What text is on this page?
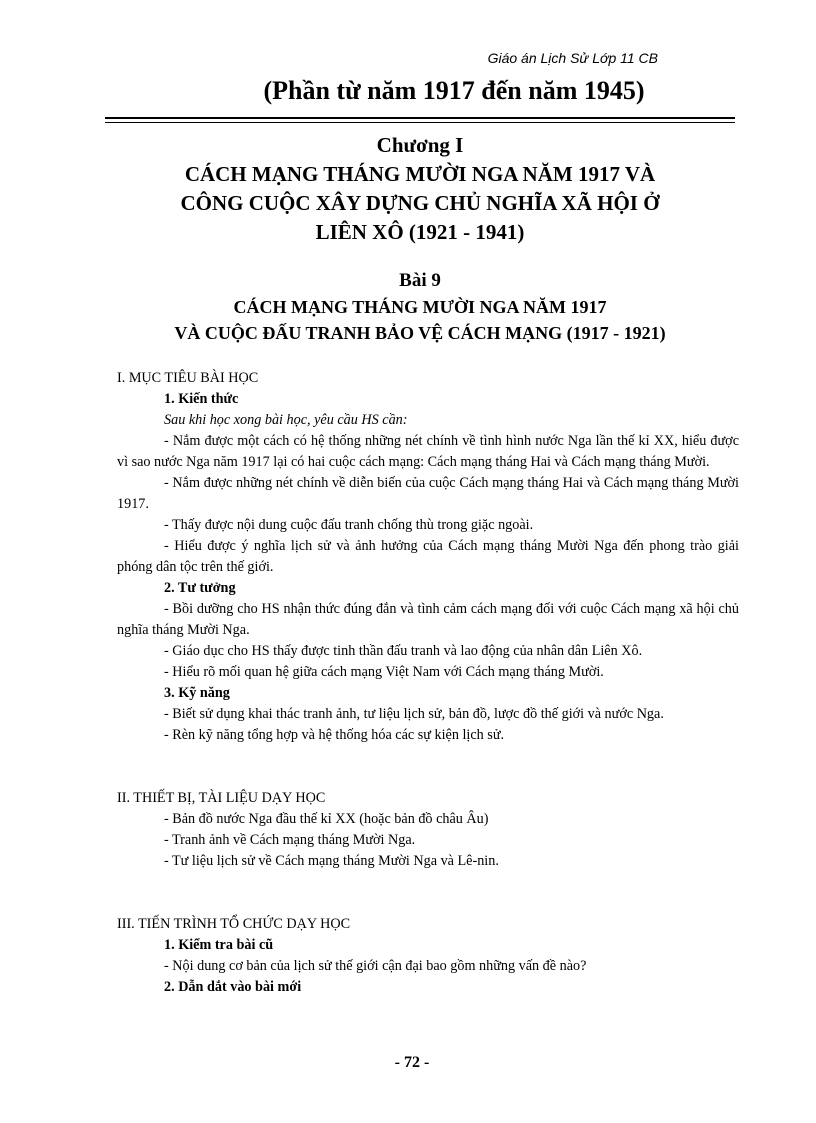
Giáo án Lịch Sử Lớp 11 CB
(Phần từ năm 1917 đến năm 1945)
Chương I
CÁCH MẠNG THÁNG MƯỜI NGA NĂM 1917 VÀ
CÔNG CUỘC XÂY DỰNG CHỦ NGHĨA XÃ HỘI Ở
LIÊN XÔ (1921 - 1941)
Bài 9
CÁCH MẠNG THÁNG MƯỜI NGA NĂM 1917
VÀ CUỘC ĐẤU TRANH BẢO VỆ CÁCH MẠNG (1917 - 1921)

I. MỤC TIÊU BÀI HỌC

1. Kiến thức

Sau khi học xong bài học, yêu cầu HS cần:

- Nắm được một cách có hệ thống những nét chính về tình hình nước Nga lần thế kỉ XX, hiểu được vì sao nước Nga năm 1917 lại có hai cuộc cách mạng: Cách mạng tháng Hai và Cách mạng tháng Mười.

- Nắm được những nét chính về diễn biến của cuộc Cách mạng tháng Hai và Cách mạng tháng Mười 1917.

- Thấy được nội dung cuộc đấu tranh chống thù trong giặc ngoài.

- Hiểu được ý nghĩa lịch sử và ảnh hưởng của Cách mạng tháng Mười Nga đến phong trào giải phóng dân tộc trên thế giới.

2. Tư tưởng

- Bồi dưỡng cho HS nhận thức đúng đắn và tình cảm cách mạng đối với cuộc Cách mạng xã hội chủ nghĩa tháng Mười Nga.

- Giáo dục cho HS thấy được tinh thần đấu tranh và lao động của nhân dân Liên Xô.

- Hiểu rõ mối quan hệ giữa cách mạng Việt Nam với Cách mạng tháng Mười.

3. Kỹ năng

- Biết sử dụng khai thác tranh ảnh, tư liệu lịch sử, bản đồ, lược đồ thế giới và nước Nga.

- Rèn kỹ năng tổng hợp và hệ thống hóa các sự kiện lịch sử.

II. THIẾT BỊ, TÀI LIỆU DẠY HỌC

- Bản đồ nước Nga đầu thế kỉ XX (hoặc bản đồ châu Âu)

- Tranh ảnh về Cách mạng tháng Mười Nga.

- Tư liệu lịch sử về Cách mạng tháng Mười Nga và Lê-nin.

III. TIẾN TRÌNH TỔ CHỨC DẠY HỌC

1. Kiểm tra bài cũ

- Nội dung cơ bản của lịch sử thế giới cận đại bao gồm những vấn đề nào?

2. Dẫn dắt vào bài mới

- 72 -
